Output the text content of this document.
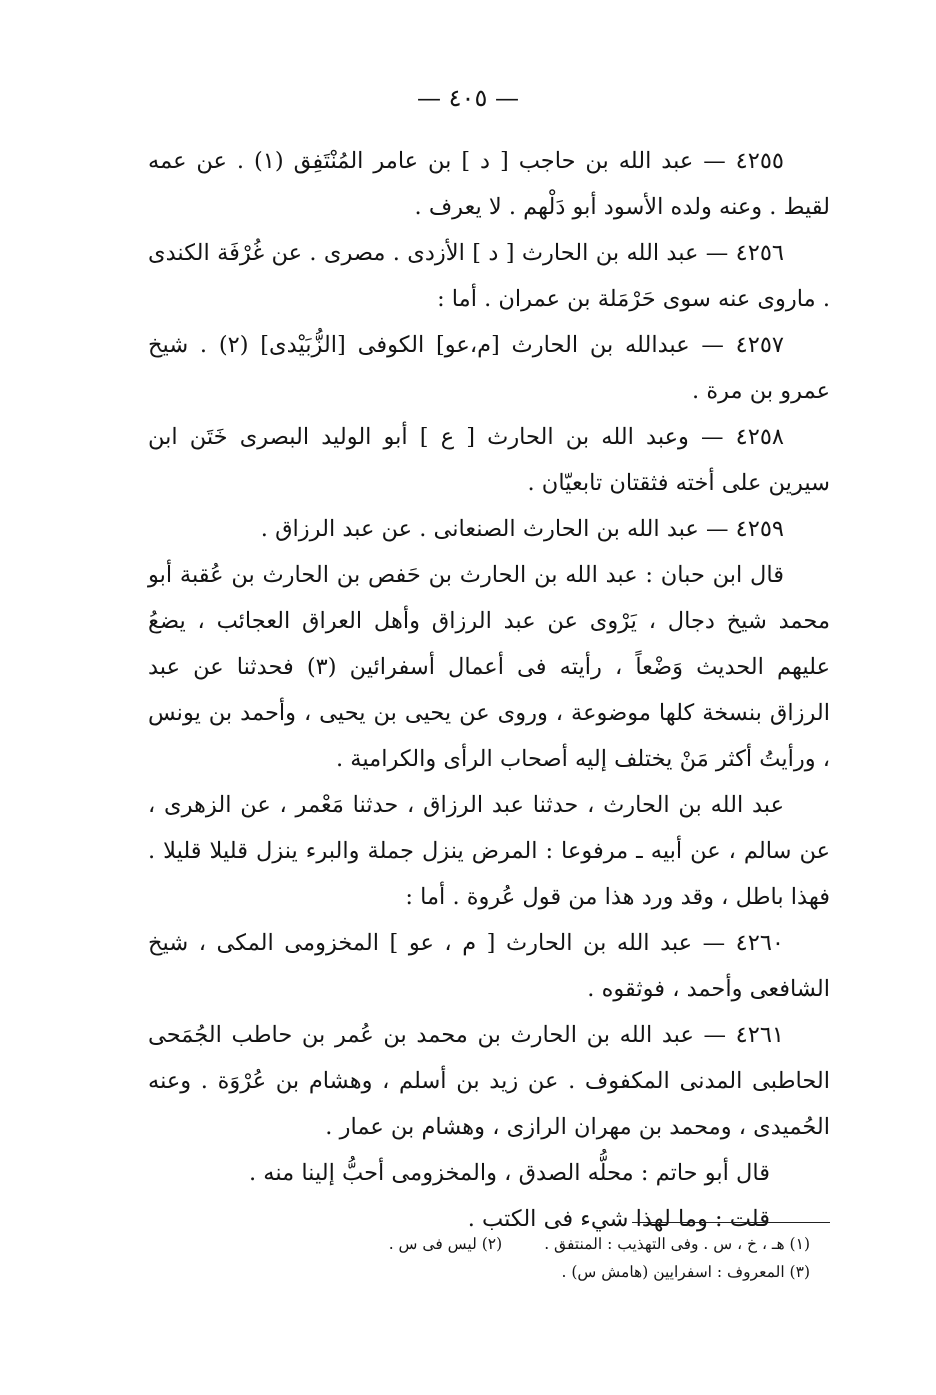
— ٤٠٥ —

٤٢٥٥ — عبد الله بن حاجب [ د ] بن عامر المُنْتَفِق (١) . عن عمه لقيط . وعنه ولده الأسود أبو دَلْهم . لا يعرف .

٤٢٥٦ — عبد الله بن الحارث [ د ] الأزدى . مصرى . عن غُرْفَة الكندى . ماروى عنه سوى حَرْمَلة بن عمران . أما :

٤٢٥٧ — عبدالله بن الحارث [م،عو] الكوفى [الزُّبَيْدى] (٢) . شيخ عمرو بن مرة .

٤٢٥٨ — وعبد الله بن الحارث [ ع ] أبو الوليد البصرى خَتَن ابن سيرين على أخته فثقتان تابعيّان .

٤٢٥٩ — عبد الله بن الحارث الصنعانى . عن عبد الرزاق .

قال ابن حبان : عبد الله بن الحارث بن حَفص بن الحارث بن عُقبة أبو محمد شيخ دجال ، يَرْوى عن عبد الرزاق وأهل العراق العجائب ، يضعُ عليهم الحديث وَضْعاً ، رأيته فى أعمال أسفرائين (٣) فحدثنا عن عبد الرزاق بنسخة كلها موضوعة ، وروى عن يحيى بن يحيى ، وأحمد بن يونس ، ورأيتُ أكثر مَنْ يختلف إليه أصحاب الرأى والكرامية .

عبد الله بن الحارث ، حدثنا عبد الرزاق ، حدثنا مَعْمر ، عن الزهرى ، عن سالم ، عن أبيه ـ مرفوعا : المرض ينزل جملة والبرء ينزل قليلا قليلا . فهذا باطل ، وقد ورد هذا من قول عُروة . أما :

٤٢٦٠ — عبد الله بن الحارث [ م ، عو ] المخزومى المكى ، شيخ الشافعى وأحمد ، فوثقوه .

٤٢٦١ — عبد الله بن الحارث بن محمد بن عُمر بن حاطب الجُمَحى الحاطبى المدنى المكفوف . عن زيد بن أسلم ، وهشام بن عُرْوَة . وعنه الحُميدى ، ومحمد بن مهران الرازى ، وهشام بن عمار .

قال أبو حاتم : محلُّه الصدق ، والمخزومى أحبُّ إلينا منه .

قلت : وما لهذا شيء فى الكتب .

(١) هـ ، خ ، س . وفى التهذيب : المنتفق .
(٢) ليس فى س .
(٣) المعروف : اسفرايين (هامش س) .
